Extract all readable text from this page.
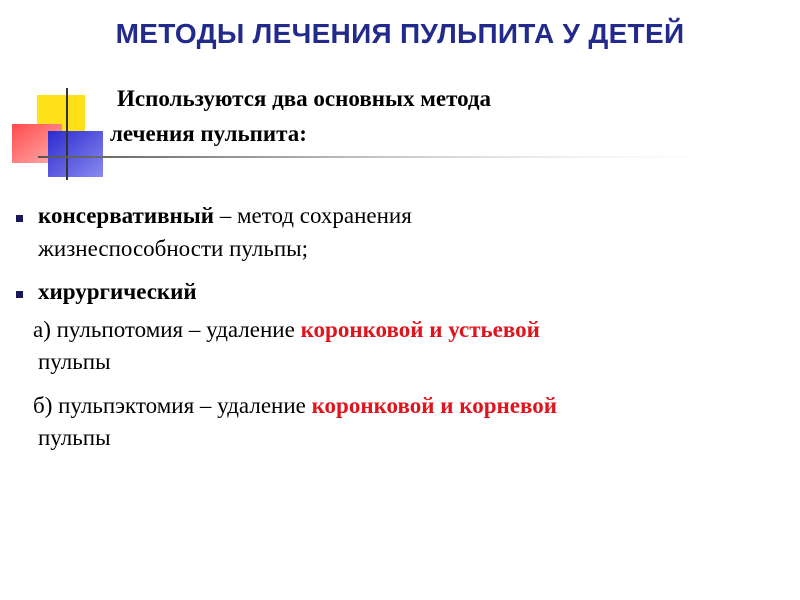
МЕТОДЫ ЛЕЧЕНИЯ ПУЛЬПИТА У ДЕТЕЙ
Используются два основных метода
лечения пульпита:
консервативный – метод сохранения
жизнеспособности пульпы;
хирургический
а) пульпотомия – удаление коронковой и устьевой
пульпы
б) пульпэктомия – удаление коронковой и корневой
пульпы
